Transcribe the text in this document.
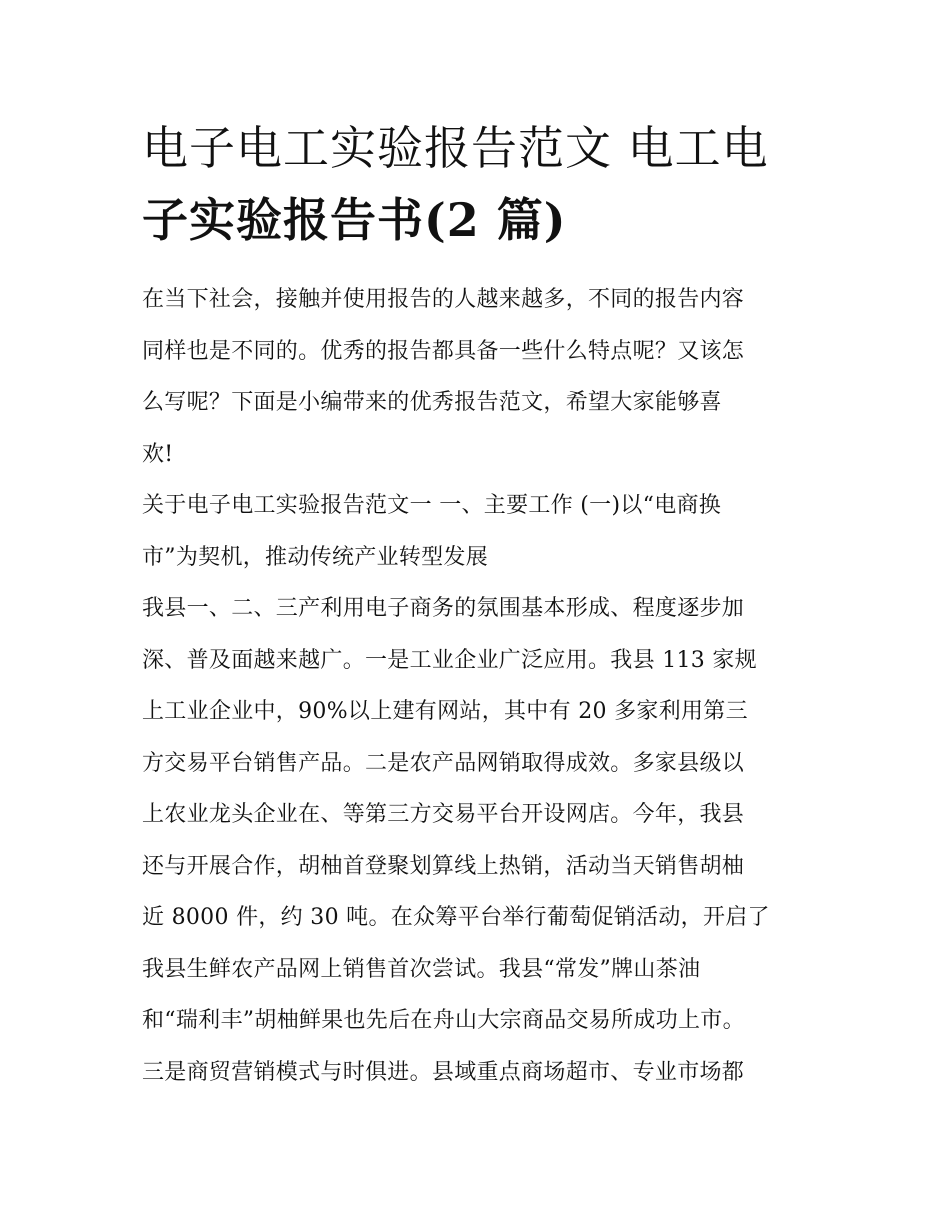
电子电工实验报告范文 电工电
子实验报告书(2 篇)
在当下社会，接触并使用报告的人越来越多，不同的报告内容
同样也是不同的。优秀的报告都具备一些什么特点呢？又该怎
么写呢？下面是小编带来的优秀报告范文，希望大家能够喜
欢!
关于电子电工实验报告范文一 一、主要工作 (一)以“电商换
市”为契机，推动传统产业转型发展
我县一、二、三产利用电子商务的氛围基本形成、程度逐步加
深、普及面越来越广。一是工业企业广泛应用。我县 113 家规
上工业企业中，90%以上建有网站，其中有 20 多家利用第三
方交易平台销售产品。二是农产品网销取得成效。多家县级以
上农业龙头企业在、等第三方交易平台开设网店。今年，我县
还与开展合作，胡柚首登聚划算线上热销，活动当天销售胡柚
近 8000 件，约 30 吨。在众筹平台举行葡萄促销活动，开启了
我县生鲜农产品网上销售首次尝试。我县“常发”牌山茶油
和“瑞利丰”胡柚鲜果也先后在舟山大宗商品交易所成功上市。
三是商贸营销模式与时俱进。县域重点商场超市、专业市场都
